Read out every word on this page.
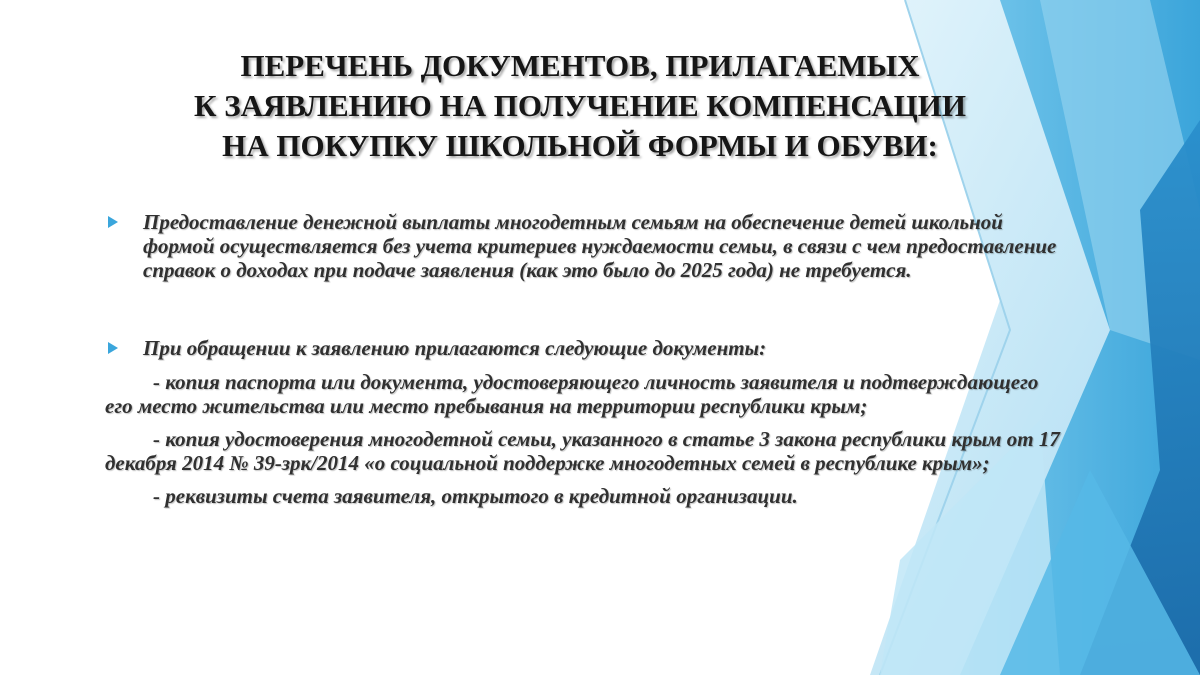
ПЕРЕЧЕНЬ ДОКУМЕНТОВ, ПРИЛАГАЕМЫХ
К ЗАЯВЛЕНИЮ НА ПОЛУЧЕНИЕ КОМПЕНСАЦИИ
НА ПОКУПКУ ШКОЛЬНОЙ ФОРМЫ И ОБУВИ:
Предоставление денежной выплаты многодетным семьям на обеспечение детей школьной формой осуществляется без учета критериев нуждаемости семьи, в связи с чем предоставление справок о доходах при подаче заявления (как это было до 2025 года) не требуется.
При обращении к заявлению прилагаются следующие документы:

- копия паспорта или документа, удостоверяющего личность заявителя и подтверждающего его место жительства или место пребывания на территории республики крым;

- копия удостоверения многодетной семьи, указанного в статье 3 закона республики крым от 17 декабря 2014 № 39-зрк/2014 «о социальной поддержке многодетных семей в республике крым»;

- реквизиты счета заявителя, открытого в кредитной организации.
